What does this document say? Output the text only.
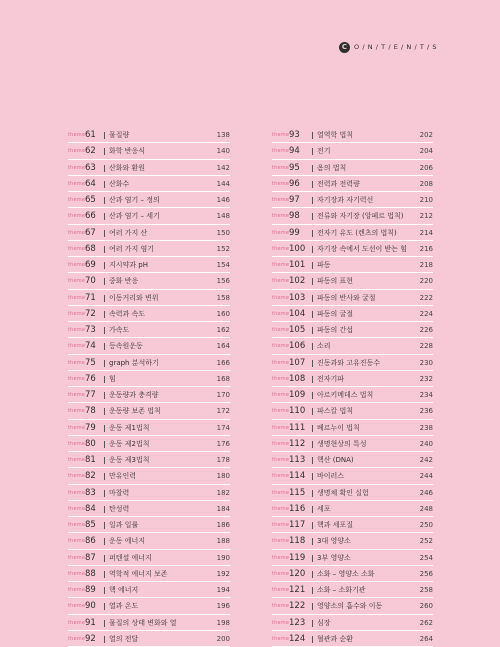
C	O/N/T/E/N/T/S
theme 61 물질량	138
theme 62 화학 반응식	140
theme 63 산화와 환원	142
theme 64 산화수	144
theme 65 산과 염기 – 정의	146
theme 66 산과 염기 – 세기	148
theme 67 여러 가지 산	150
theme 68 여러 가지 염기	152
theme 69 지시약과 pH	154
theme 70 중화 반응	156
theme 71 이동거리와 변위	158
theme 72 속력과 속도	160
theme 73 가속도	162
theme 74 등속원운동	164
theme 75 graph 분석하기	166
theme 76 힘	168
theme 77 운동량과 충격량	170
theme 78 운동량 보존 법칙	172
theme 79 운동 제1법칙	174
theme 80 운동 제2법칙	176
theme 81 운동 제3법칙	178
theme 82 만유인력	180
theme 83 마찰력	182
theme 84 탄성력	184
theme 85 일과 일률	186
theme 86 운동 에너지	188
theme 87 퍼텐셜 에너지	190
theme 88 역학적 에너지 보존	192
theme 89 핵 에너지	194
theme 90 열과 온도	196
theme 91 물질의 상태 변화와 열	198
theme 92 열의 전달	200
theme 93 열역학 법칙	202
theme 94 전기	204
theme 95 옴의 법칙	206
theme 96 전력과 전력량	208
theme 97 자기장과 자기력선	210
theme 98 전류와 자기장 (앙페르 법칙) 212
theme 99 전자기 유도 (렌츠의 법칙)	214
theme 100 자기장 속에서 도선이 받는 힘 216
theme 101 파동	218
theme 102 파동의 표현	220
theme 103 파동의 반사와 굴절	222
theme 104 파동의 굴절	224
theme 105 파동의 간섭	226
theme 106 소리	228
theme 107 진동과와 고유진동수	230
theme 108 전자기파	232
theme 109 아르키메데스 법칙	234
theme 110 파스칼 법칙	236
theme 111 베르누이 법칙	238
theme 112 생명현상의 특성	240
theme 113 핵산 (DNA)	242
theme 114 바이러스	244
theme 115 생명체 확인 실험	246
theme 116 세포	248
theme 117 핵과 세포질	250
theme 118 3대 영양소	252
theme 119 3부 영양소	254
theme 120 소화 – 영양소 소화	256
theme 121 소화 – 소화기관	258
theme 122 영양소의 흡수와 이동	260
theme 123 심장	262
theme 124 혈관과 순환	264
